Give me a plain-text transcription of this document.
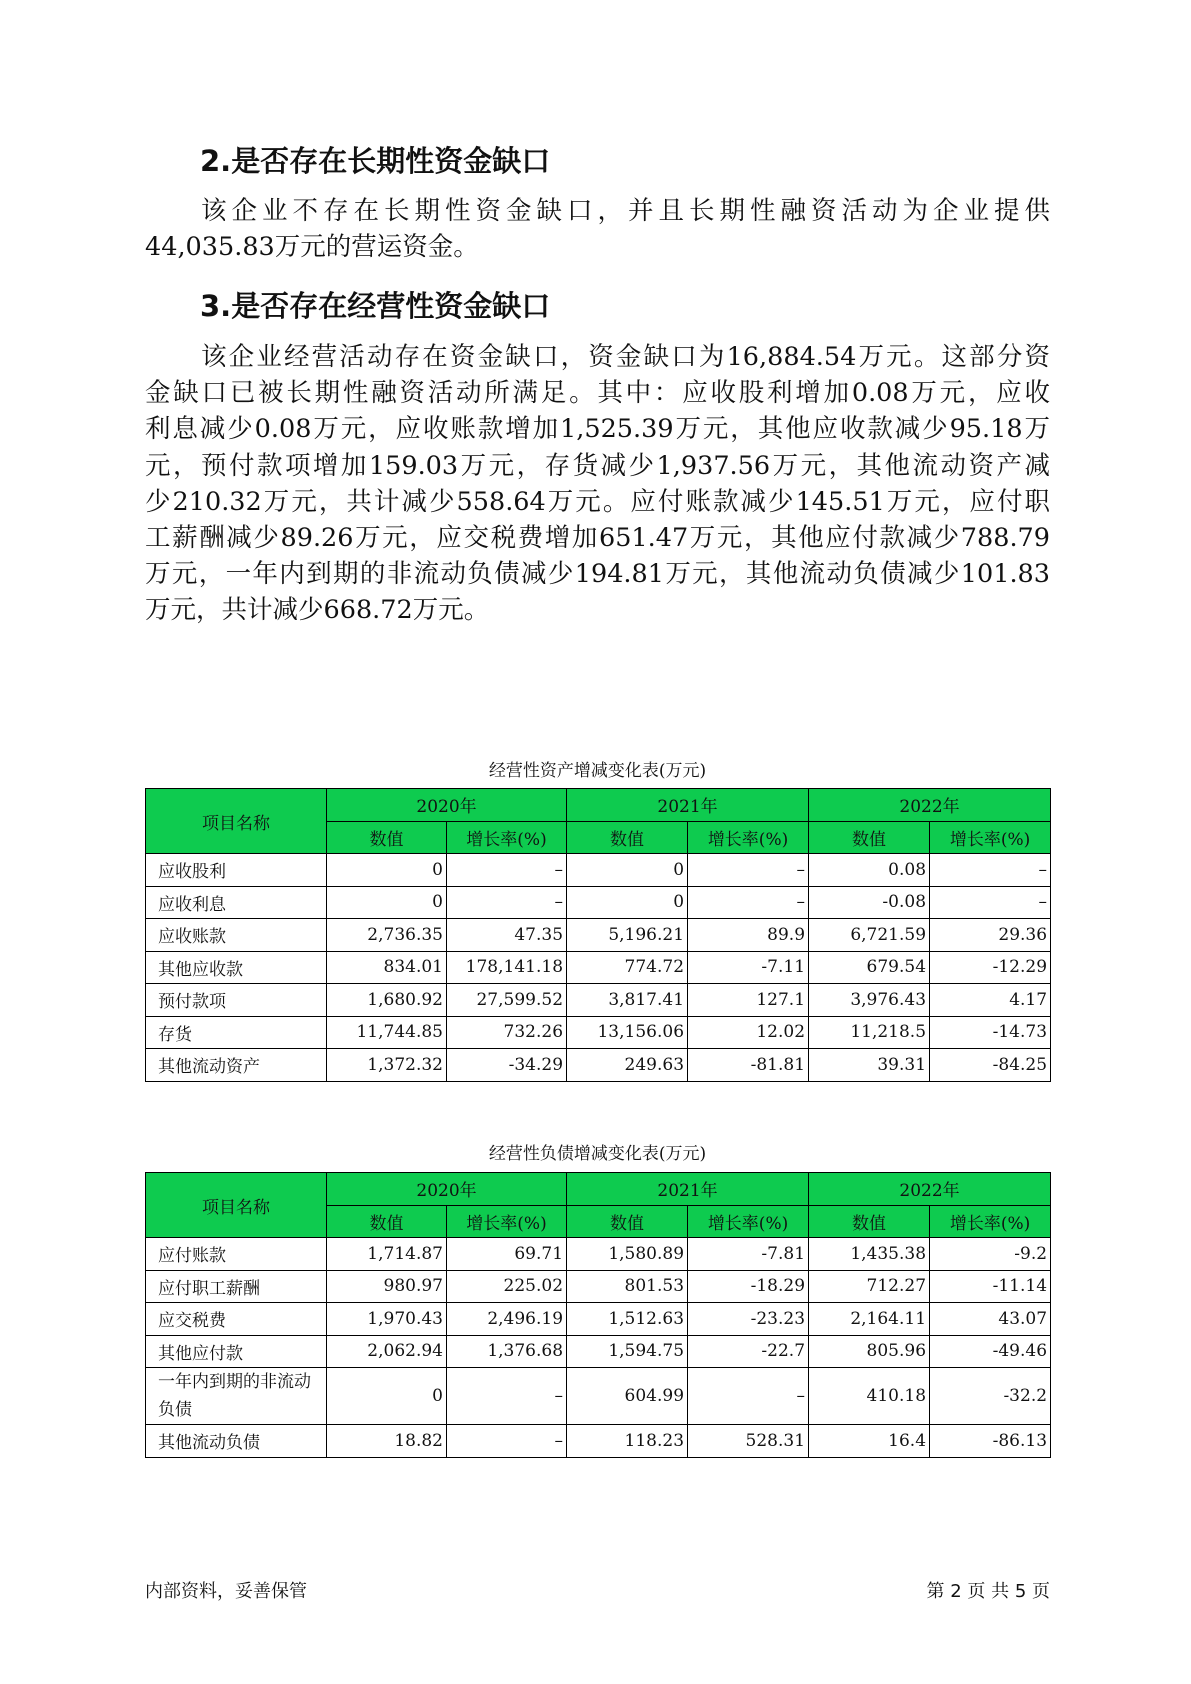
2.是否存在长期性资金缺口
该企业不存在长期性资金缺口，并且长期性融资活动为企业提供
44,035.83万元的营运资金。
3.是否存在经营性资金缺口
该企业经营活动存在资金缺口，资金缺口为16,884.54万元。这部分资
金缺口已被长期性融资活动所满足。其中：应收股利增加0.08万元，应收
利息减少0.08万元，应收账款增加1,525.39万元，其他应收款减少95.18万
元，预付款项增加159.03万元，存货减少1,937.56万元，其他流动资产减
少210.32万元，共计减少558.64万元。应付账款减少145.51万元，应付职
工薪酬减少89.26万元，应交税费增加651.47万元，其他应付款减少788.79
万元，一年内到期的非流动负债减少194.81万元，其他流动负债减少101.83
万元，共计减少668.72万元。

经营性资产增减变化表(万元)

项目名称	2020年		2021年		2022年	
	数值	增长率(%)	数值	增长率(%)	数值	增长率(%)
应收股利	0	–	0	–	0.08	–
应收利息	0	–	0	–	-0.08	–
应收账款	2,736.35	47.35	5,196.21	89.9	6,721.59	29.36
其他应收款	834.01	178,141.18	774.72	-7.11	679.54	-12.29
预付款项	1,680.92	27,599.52	3,817.41	127.1	3,976.43	4.17
存货	11,744.85	732.26	13,156.06	12.02	11,218.5	-14.73
其他流动资产	1,372.32	-34.29	249.63	-81.81	39.31	-84.25

经营性负债增减变化表(万元)

项目名称	2020年		2021年		2022年	
	数值	增长率(%)	数值	增长率(%)	数值	增长率(%)
应付账款	1,714.87	69.71	1,580.89	-7.81	1,435.38	-9.2
应付职工薪酬	980.97	225.02	801.53	-18.29	712.27	-11.14
应交税费	1,970.43	2,496.19	1,512.63	-23.23	2,164.11	43.07
其他应付款	2,062.94	1,376.68	1,594.75	-22.7	805.96	-49.46
一年内到期的非流动负债	0	–	604.99	–	410.18	-32.2
其他流动负债	18.82	–	118.23	528.31	16.4	-86.13

内部资料，妥善保管	第 2 页 共 5 页
